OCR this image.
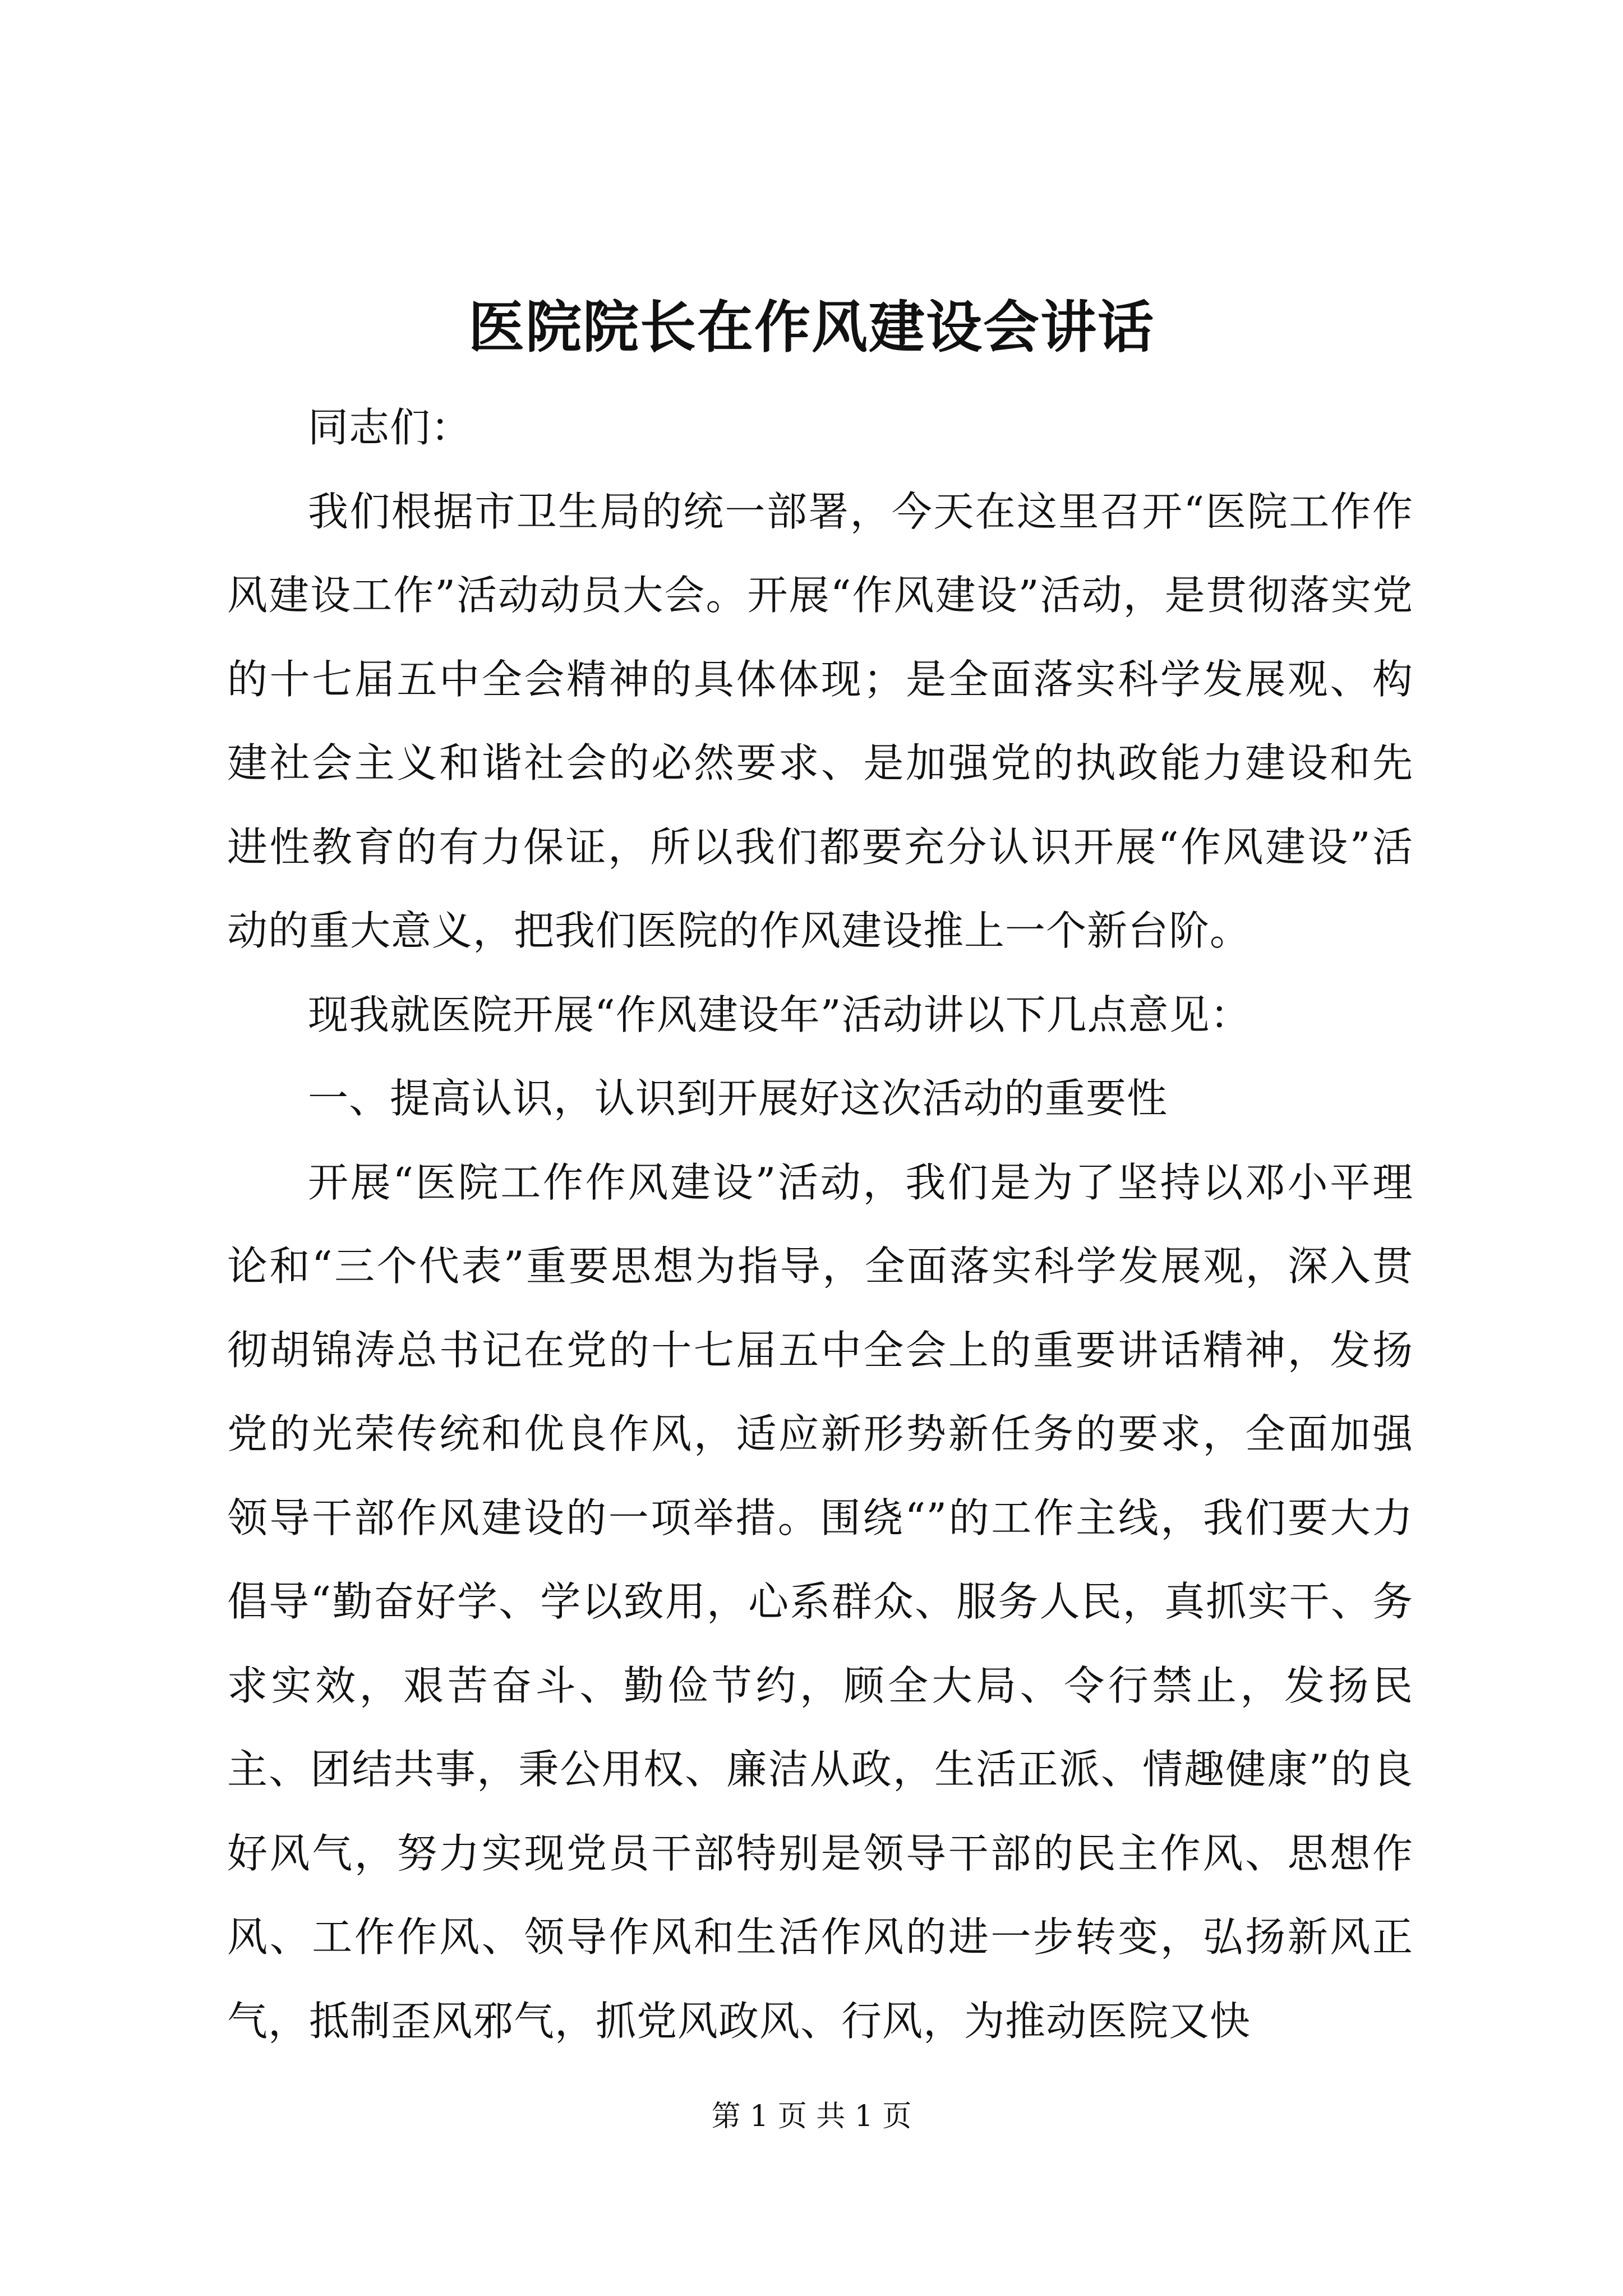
医院院长在作风建设会讲话

同志们：

我们根据市卫生局的统一部署，今天在这里召开“医院工作作风建设工作”活动动员大会。开展“作风建设”活动，是贯彻落实党的十七届五中全会精神的具体体现；是全面落实科学发展观、构建社会主义和谐社会的必然要求、是加强党的执政能力建设和先进性教育的有力保证，所以我们都要充分认识开展“作风建设”活动的重大意义，把我们医院的作风建设推上一个新台阶。

现我就医院开展“作风建设年”活动讲以下几点意见：

一、提高认识，认识到开展好这次活动的重要性

开展“医院工作作风建设”活动，我们是为了坚持以邓小平理论和“三个代表”重要思想为指导，全面落实科学发展观，深入贯彻胡锦涛总书记在党的十七届五中全会上的重要讲话精神，发扬党的光荣传统和优良作风，适应新形势新任务的要求，全面加强领导干部作风建设的一项举措。围绕“”的工作主线，我们要大力倡导“勤奋好学、学以致用，心系群众、服务人民，真抓实干、务求实效，艰苦奋斗、勤俭节约，顾全大局、令行禁止，发扬民主、团结共事，秉公用权、廉洁从政，生活正派、情趣健康”的良好风气，努力实现党员干部特别是领导干部的民主作风、思想作风、工作作风、领导作风和生活作风的进一步转变，弘扬新风正气，抵制歪风邪气，抓党风政风、行风，为推动医院又快

第 1 页 共 1 页
